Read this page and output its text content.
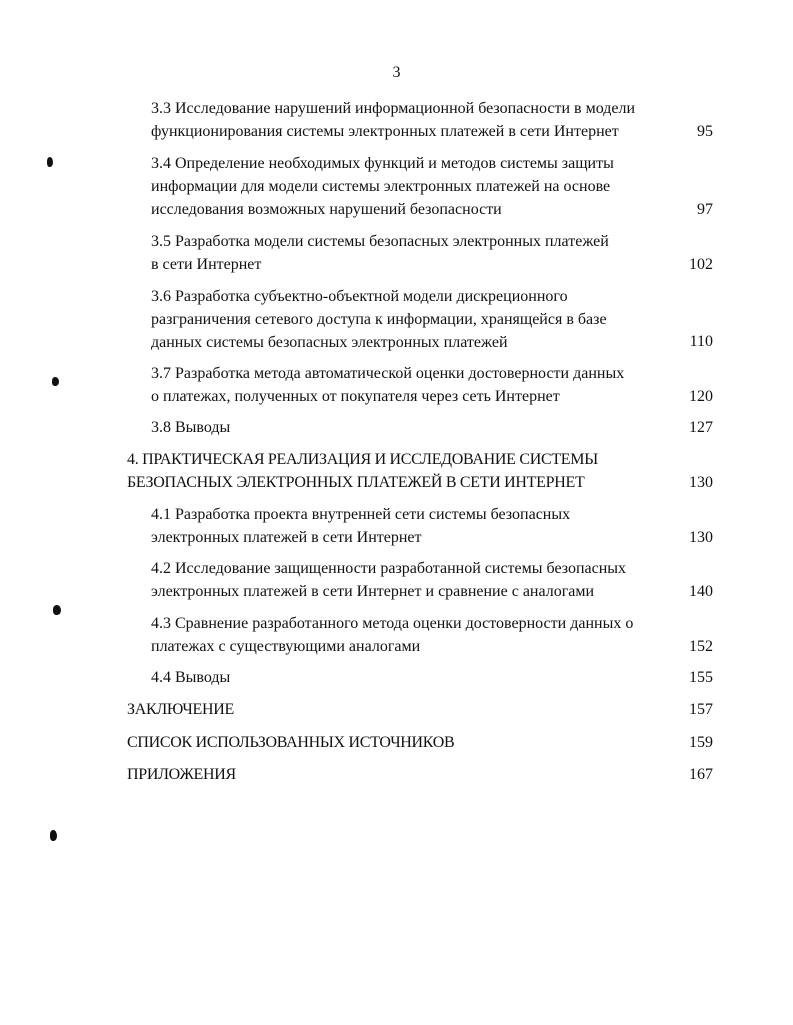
3
3.3 Исследование нарушений информационной безопасности в модели
функционирования системы электронных платежей в сети Интернет	95
3.4 Определение необходимых функций и методов системы защиты
информации для модели системы электронных платежей на основе
исследования возможных нарушений безопасности	97
3.5 Разработка модели системы безопасных электронных платежей
в сети Интернет	102
3.6 Разработка субъектно-объектной модели дискреционного
разграничения сетевого доступа к информации, хранящейся в базе
данных системы безопасных электронных платежей	110
3.7 Разработка метода автоматической оценки достоверности данных
о платежах, полученных от покупателя через сеть Интернет	120
3.8 Выводы	127
4. ПРАКТИЧЕСКАЯ РЕАЛИЗАЦИЯ И ИССЛЕДОВАНИЕ СИСТЕМЫ
БЕЗОПАСНЫХ ЭЛЕКТРОННЫХ ПЛАТЕЖЕЙ В СЕТИ ИНТЕРНЕТ	130
4.1 Разработка проекта внутренней сети системы безопасных
электронных платежей в сети Интернет	130
4.2 Исследование защищенности разработанной системы безопасных
электронных платежей в сети Интернет и сравнение с аналогами	140
4.3 Сравнение разработанного метода оценки достоверности данных о
платежах с существующими аналогами	152
4.4 Выводы	155
ЗАКЛЮЧЕНИЕ	157
СПИСОК ИСПОЛЬЗОВАННЫХ ИСТОЧНИКОВ	159
ПРИЛОЖЕНИЯ	167
